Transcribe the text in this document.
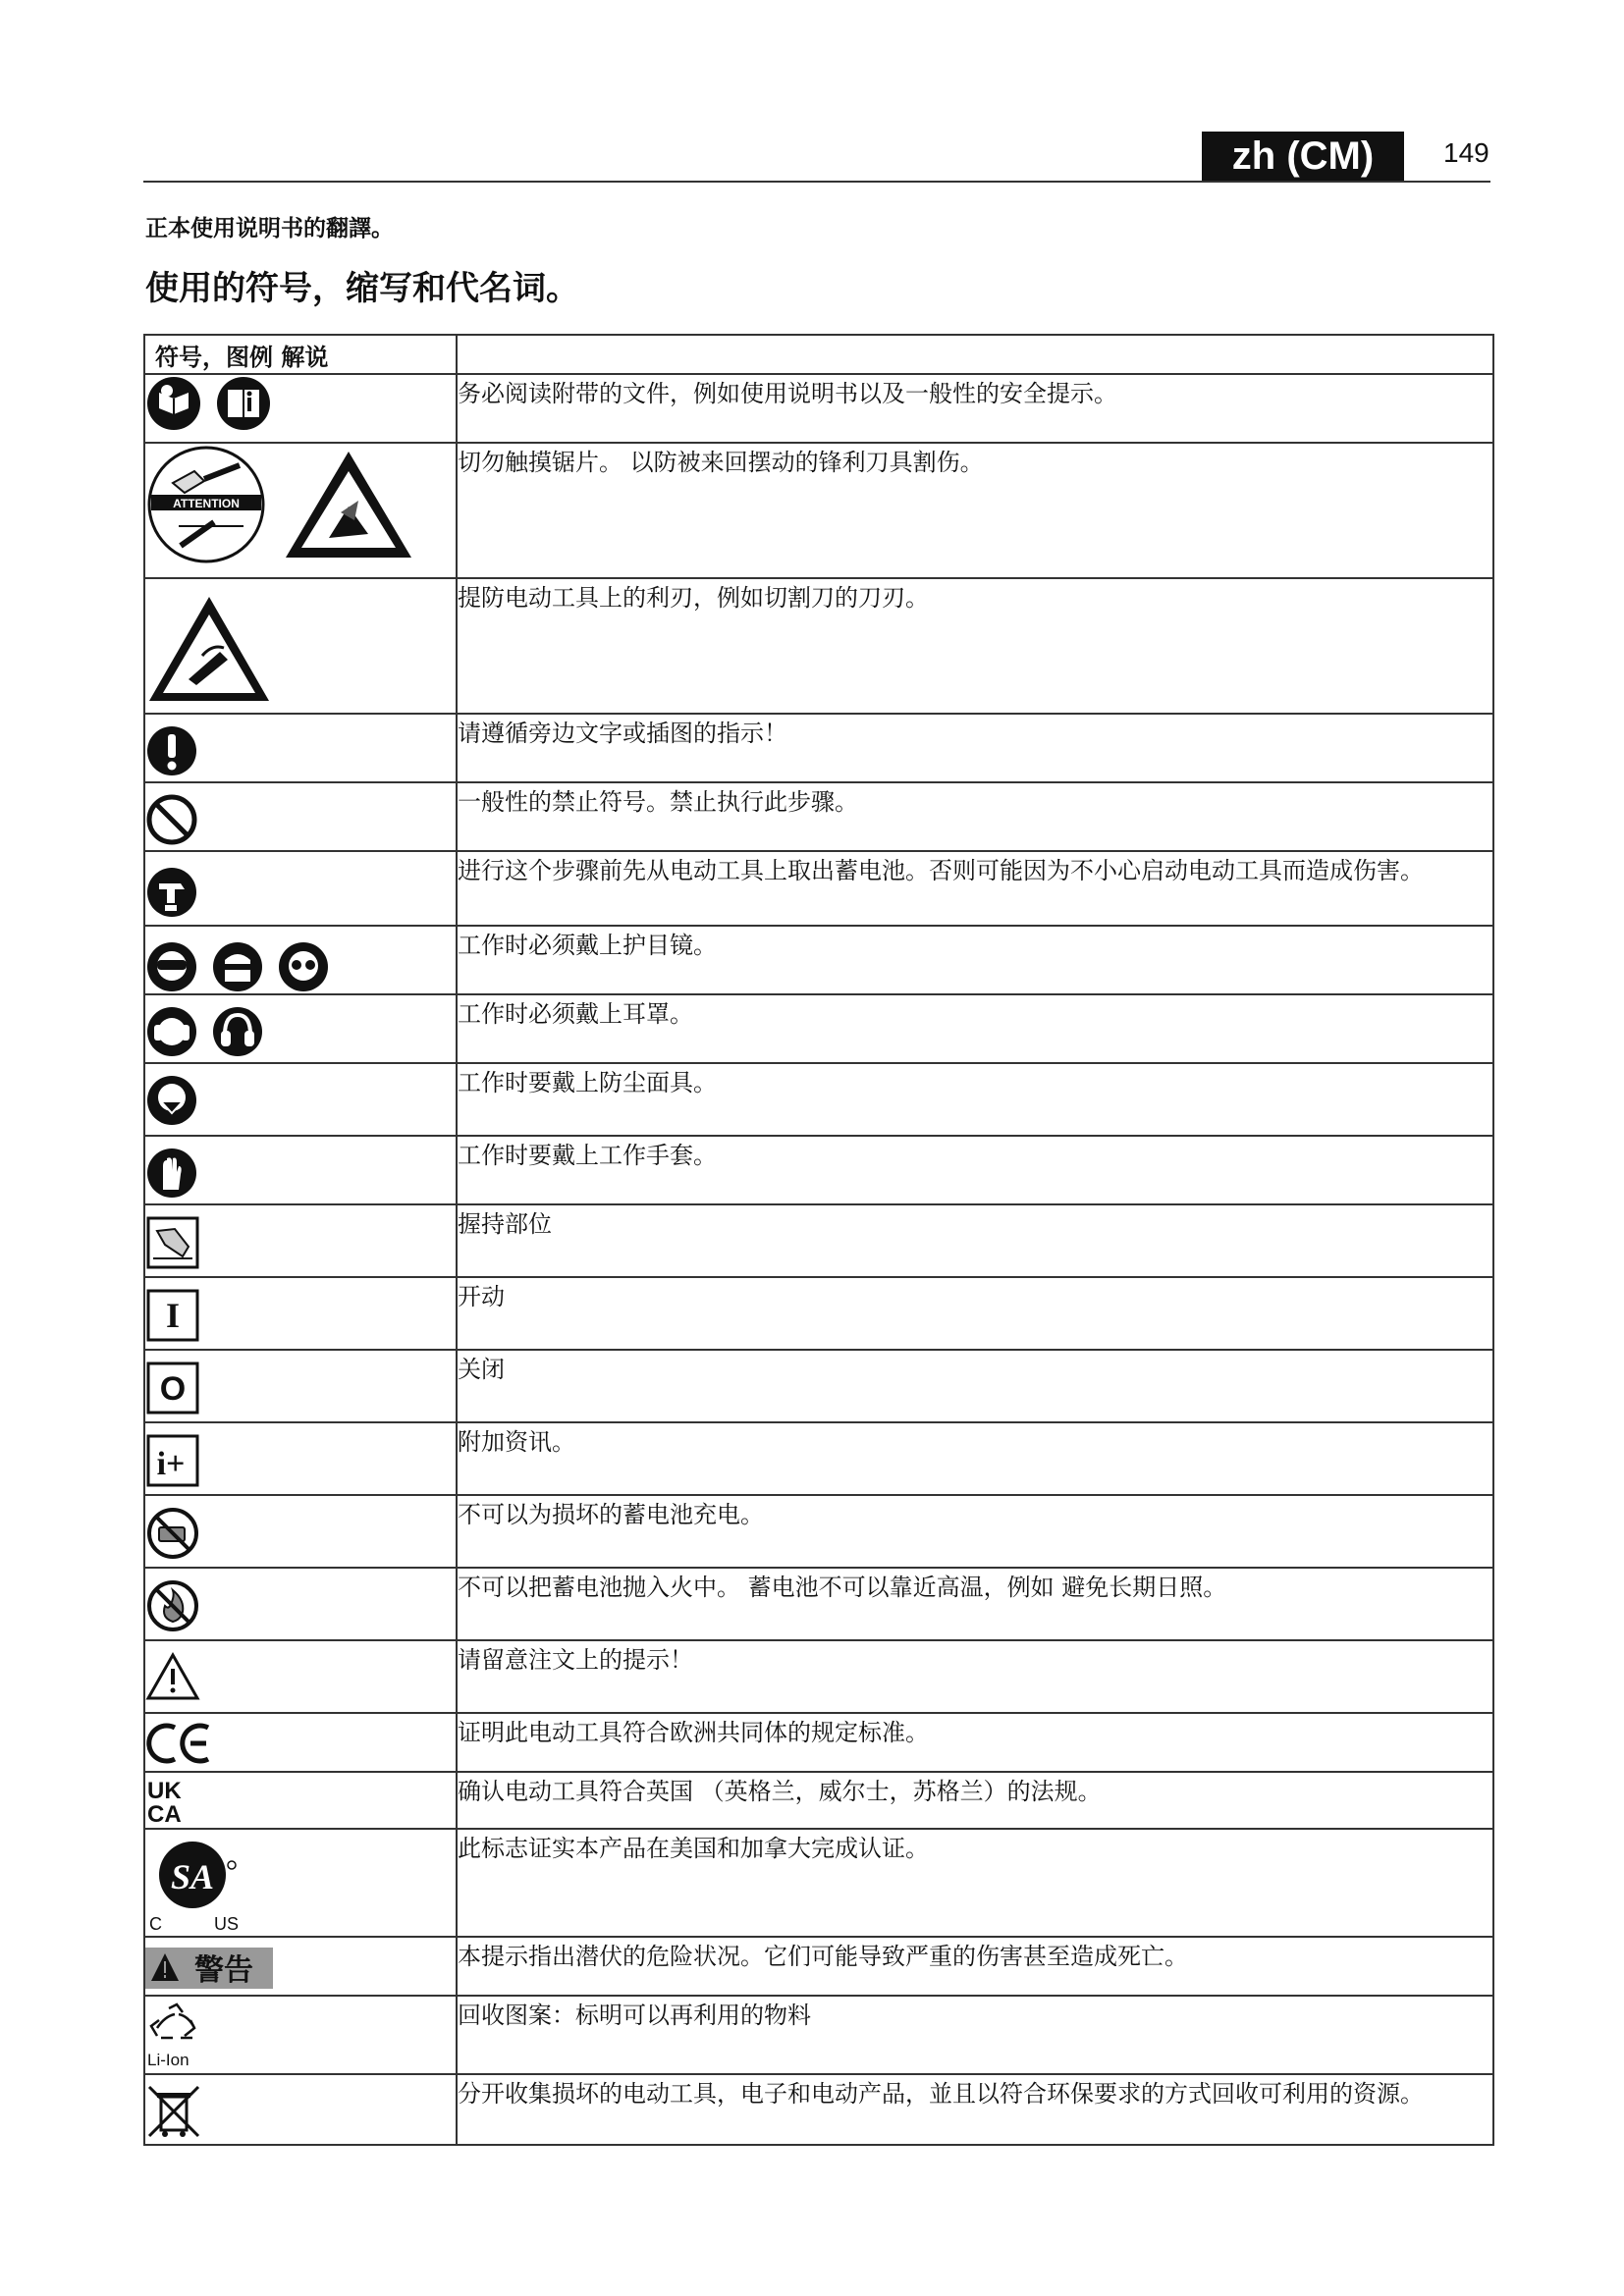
zh (CM)	149
正本使用说明书的翻譯。
使用的符号，缩写和代名词。
符号，图例 解说	

	务必阅读附带的文件，例如使用说明书以及一般性的安全提示。

ATTENTION	切勿触摸锯片。 以防被来回摆动的锋利刀具割伤。

	提防电动工具上的利刃，例如切割刀的刀刃。

	请遵循旁边文字或插图的指示！

	一般性的禁止符号。禁止执行此步骤。

	进行这个步骤前先从电动工具上取出蓄电池。否则可能因为不小心启动电动工具而造成伤害。

	工作时必须戴上护目镜。

	工作时必须戴上耳罩。

	工作时要戴上防尘面具。

	工作时要戴上工作手套。

	握持部位

I	开动

O	关闭

i+	附加资讯。

	不可以为损坏的蓄电池充电。

	不可以把蓄电池抛入火中。 蓄电池不可以靠近高温，例如 避免长期日照。

	请留意注文上的提示！

	证明此电动工具符合欧洲共同体的规定标准。

UK
CA	确认电动工具符合英国 （英格兰，威尔士，苏格兰）的法规。

SA
C US	此标志证实本产品在美国和加拿大完成认证。

警告	本提示指出潜伏的危险状况。它们可能导致严重的伤害甚至造成死亡。

Li-Ion	回收图案：标明可以再利用的物料

	分开收集损坏的电动工具，电子和电动产品，並且以符合环保要求的方式回收可利用的资源。
